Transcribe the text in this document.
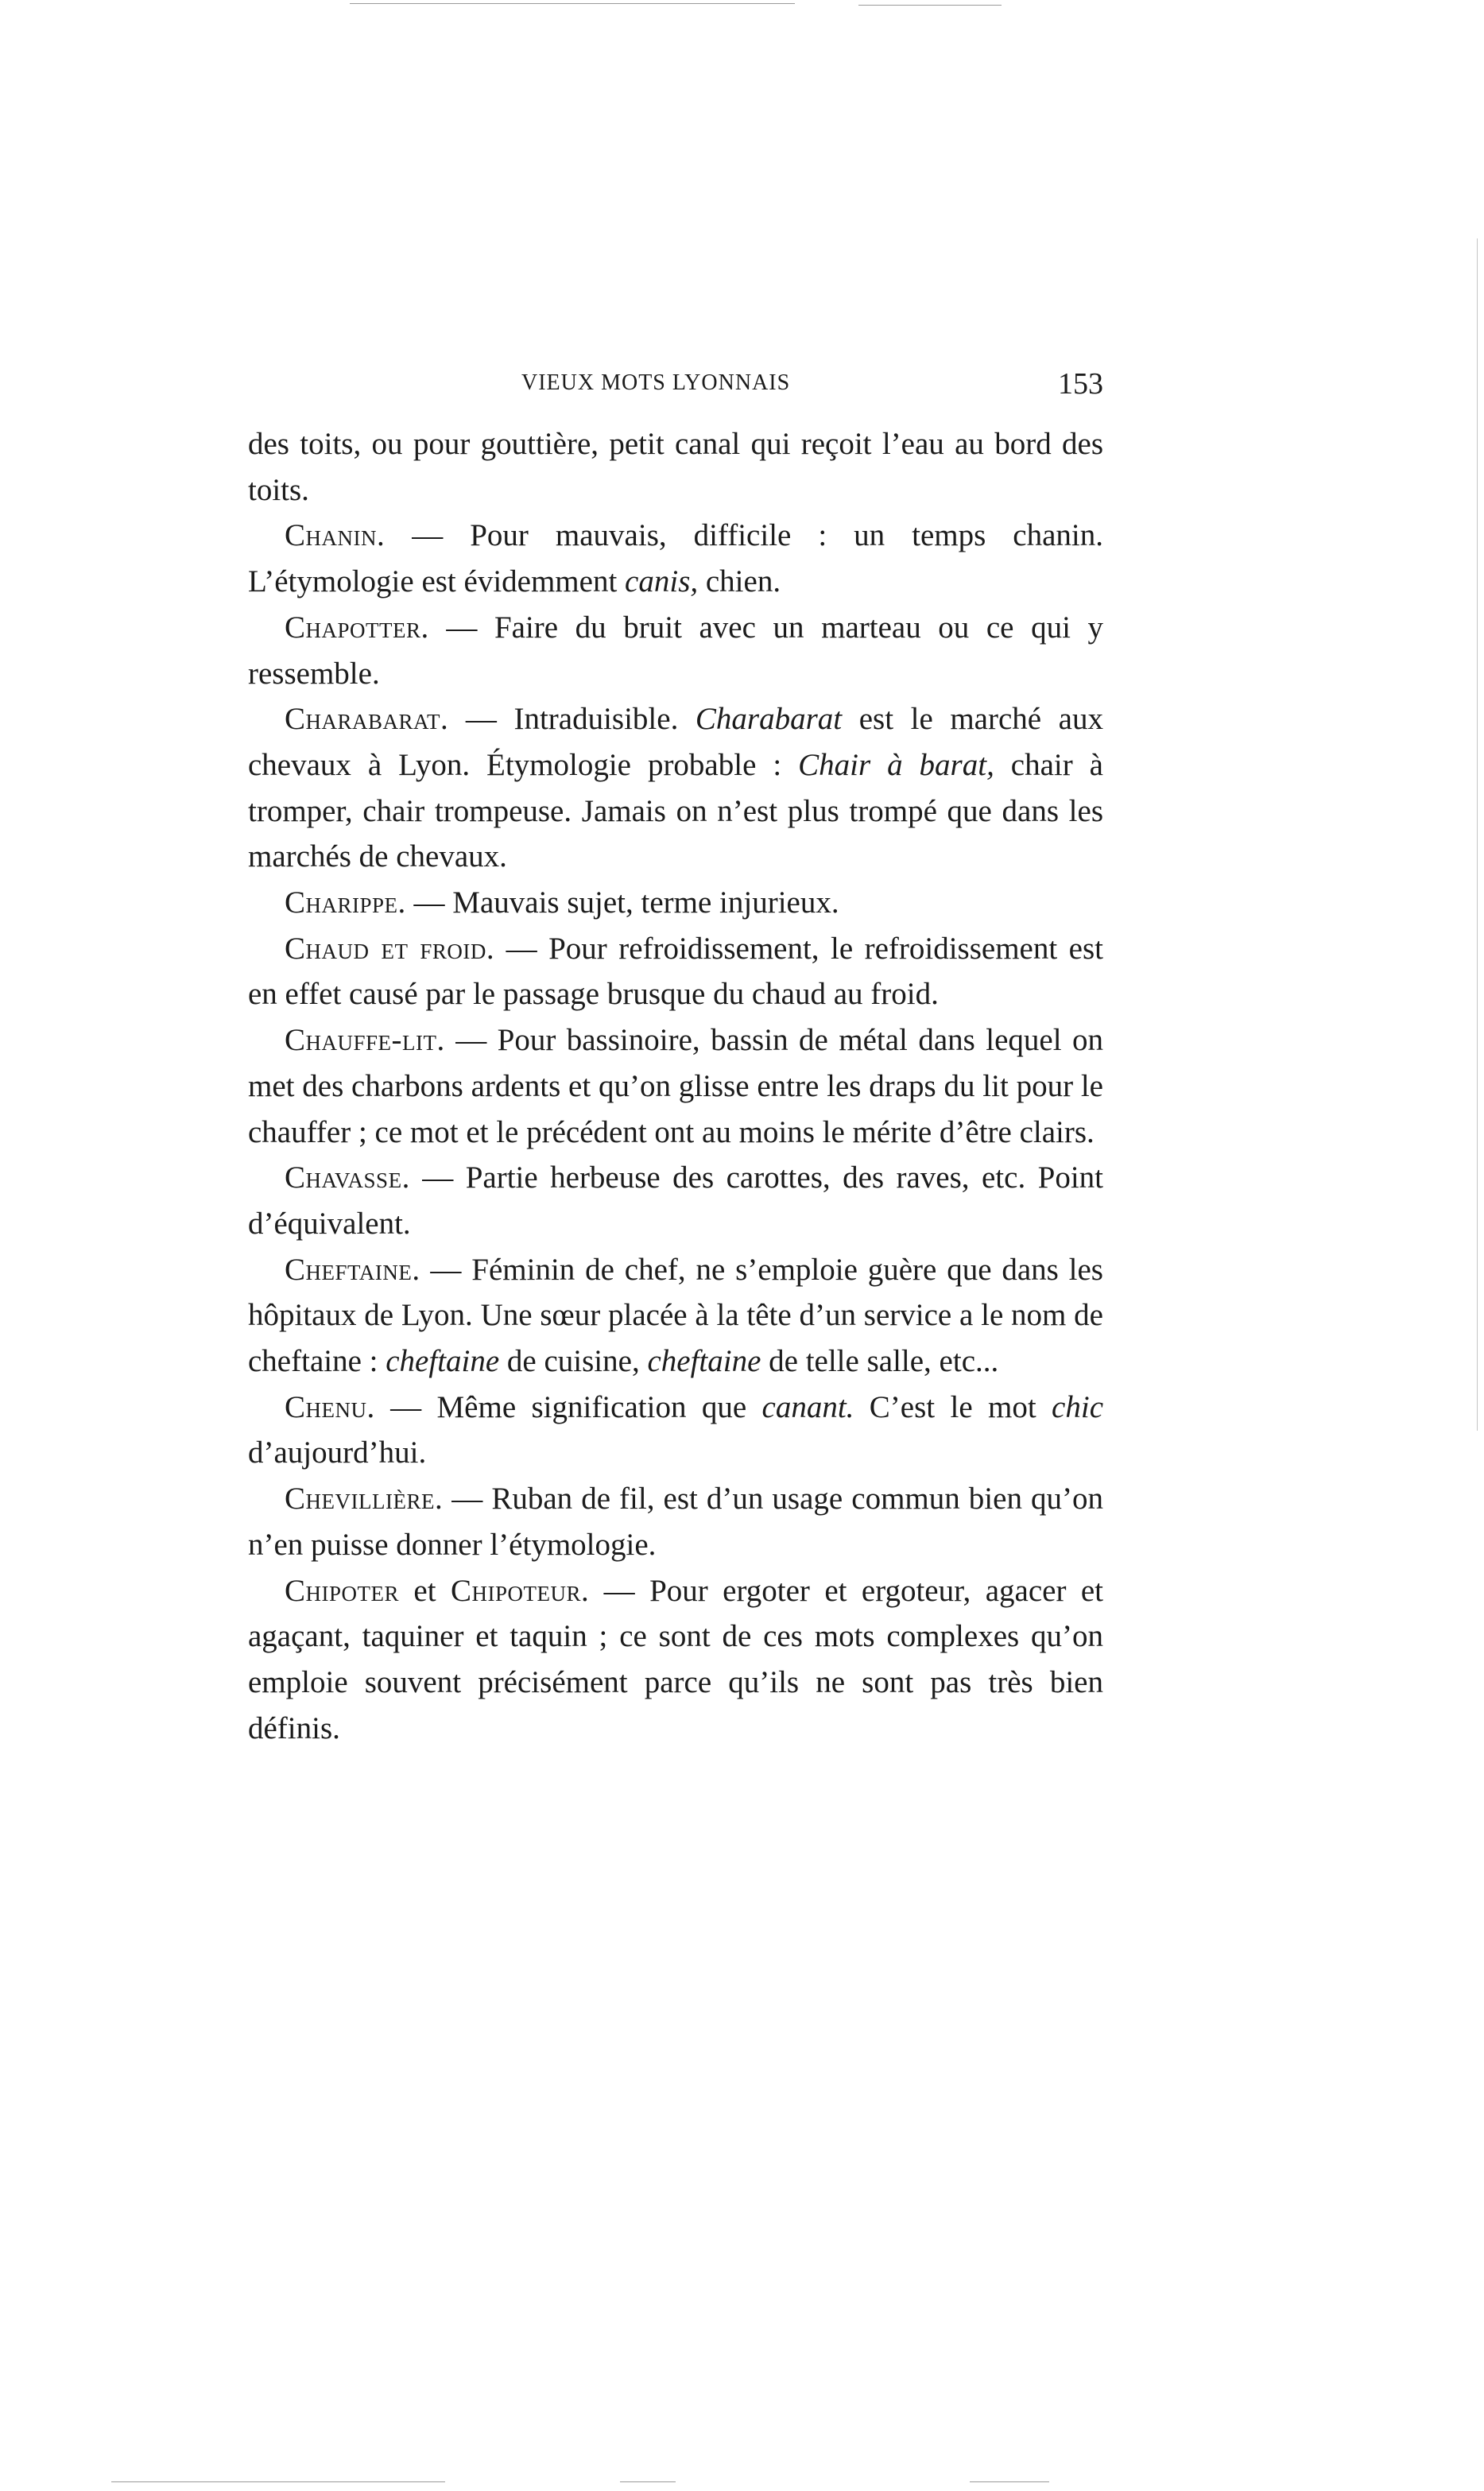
VIEUX MOTS LYONNAIS	153

des toits, ou pour gouttière, petit canal qui reçoit l’eau au bord des toits.

Chanin. — Pour mauvais, difficile : un temps chanin. L’étymologie est évidemment canis, chien.

Chapotter. — Faire du bruit avec un marteau ou ce qui y ressemble.

Charabarat. — Intraduisible. Charabarat est le marché aux chevaux à Lyon. Étymologie probable : Chair à barat, chair à tromper, chair trompeuse. Jamais on n’est plus trompé que dans les marchés de chevaux.

Charippe. — Mauvais sujet, terme injurieux.

Chaud et froid. — Pour refroidissement, le refroidissement est en effet causé par le passage brusque du chaud au froid.

Chauffe-lit. — Pour bassinoire, bassin de métal dans lequel on met des charbons ardents et qu’on glisse entre les draps du lit pour le chauffer ; ce mot et le précédent ont au moins le mérite d’être clairs.

Chavasse. — Partie herbeuse des carottes, des raves, etc. Point d’équivalent.

Cheftaine. — Féminin de chef, ne s’emploie guère que dans les hôpitaux de Lyon. Une sœur placée à la tête d’un service a le nom de cheftaine : cheftaine de cuisine, cheftaine de telle salle, etc...

Chenu. — Même signification que canant. C’est le mot chic d’aujourd’hui.

Chevillière. — Ruban de fil, est d’un usage commun bien qu’on n’en puisse donner l’étymologie.

Chipoter et Chipoteur. — Pour ergoter et ergoteur, agacer et agaçant, taquiner et taquin ; ce sont de ces mots complexes qu’on emploie souvent précisément parce qu’ils ne sont pas très bien définis.
